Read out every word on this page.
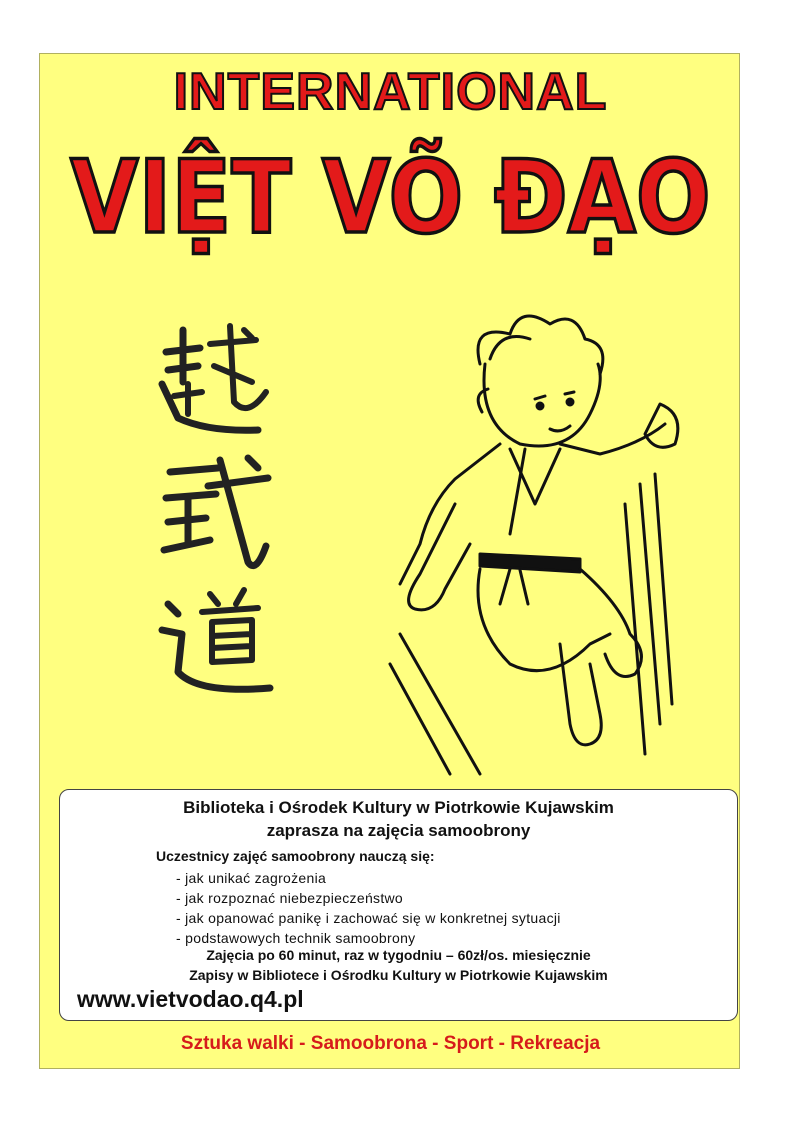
INTERNATIONAL
VIỆT VÕ ĐẠO
Biblioteka i Ośrodek Kultury w Piotrkowie Kujawskim
zaprasza na zajęcia samoobrony
Uczestnicy zajęć samoobrony nauczą się:
- jak unikać zagrożenia
- jak rozpoznać niebezpieczeństwo
- jak opanować panikę i zachować się w konkretnej sytuacji
- podstawowych technik samoobrony
Zajęcia po 60 minut, raz w tygodniu – 60zł/os. miesięcznie
Zapisy w Bibliotece i Ośrodku Kultury w Piotrkowie Kujawskim
www.vietvodao.q4.pl
Sztuka walki - Samoobrona - Sport - Rekreacja
